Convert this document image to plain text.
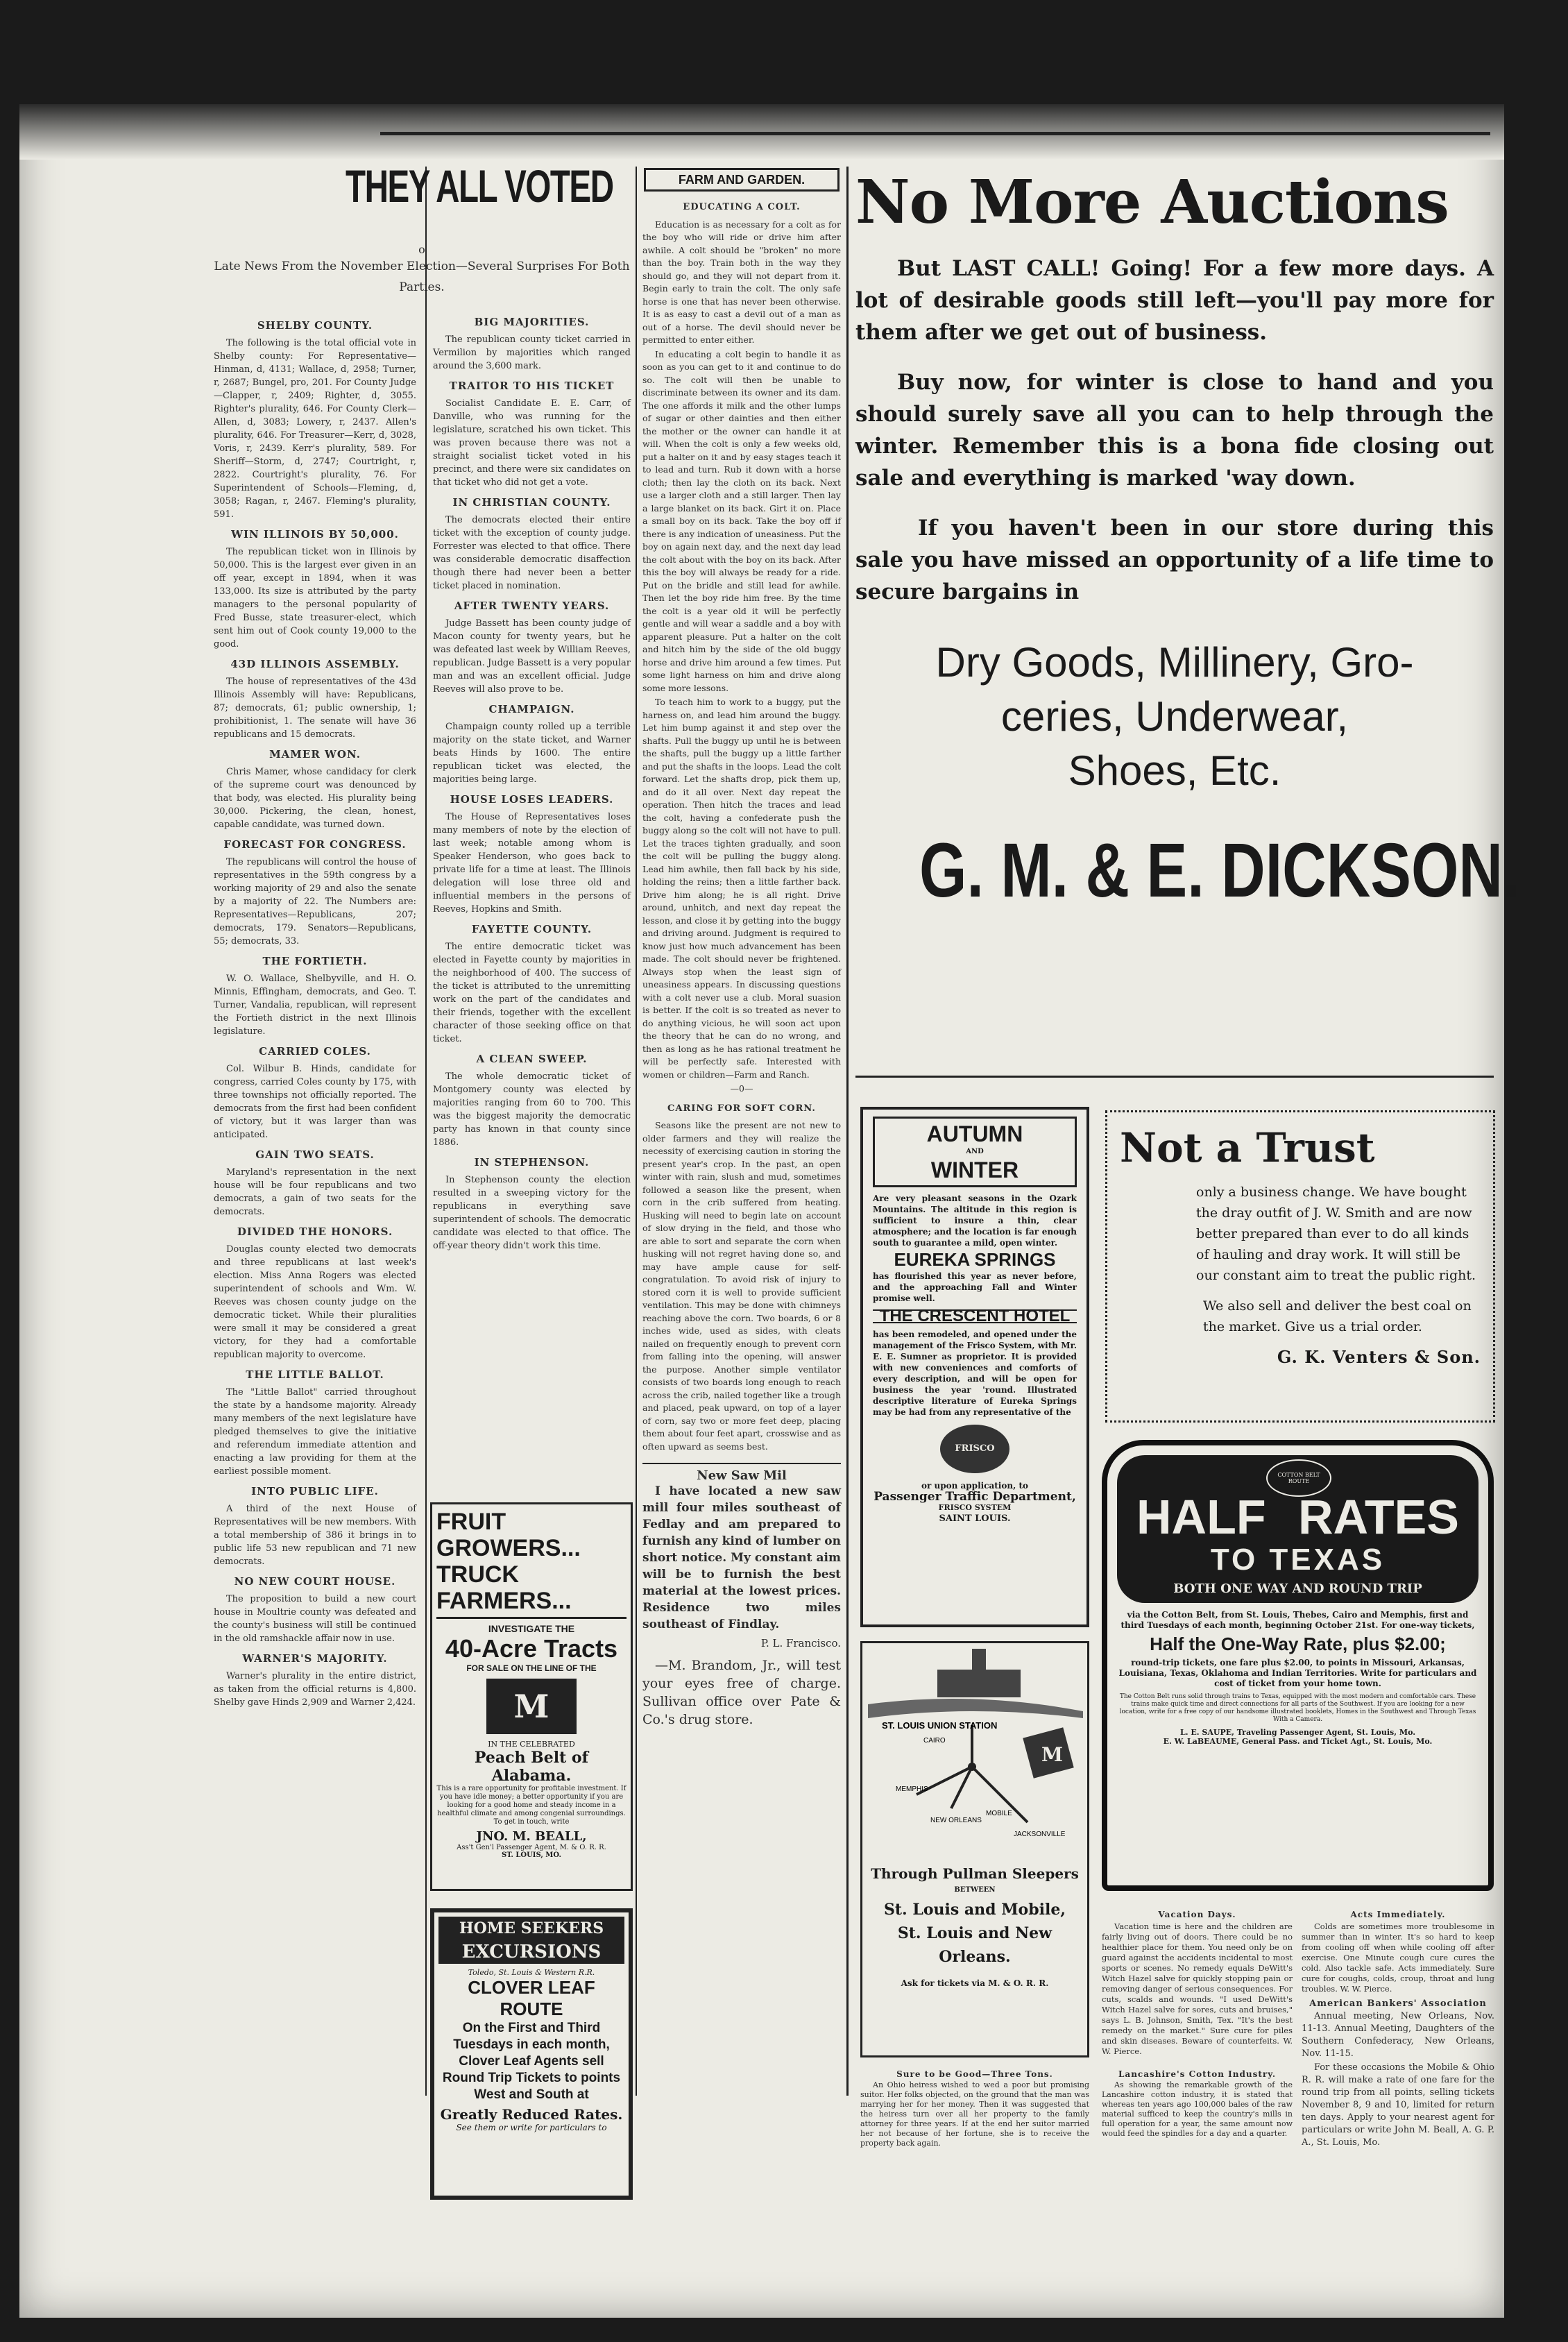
THEY ALL VOTED
o
Late News From the November Election—Several Surprises For Both Parties.
SHELBY COUNTY.

The following is the total official vote in Shelby county: For Representative—Hinman, d, 4131; Wallace, d, 2958; Turner, r, 2687; Bungel, pro, 201. For County Judge—Clapper, r, 2409; Righter, d, 3055. Righter's plurality, 646. For County Clerk—Allen, d, 3083; Lowery, r, 2437. Allen's plurality, 646. For Treasurer—Kerr, d, 3028, Voris, r, 2439. Kerr's plurality, 589. For Sheriff—Storm, d, 2747; Courtright, r, 2822. Courtright's plurality, 76. For Superintendent of Schools—Fleming, d, 3058; Ragan, r, 2467. Fleming's plurality, 591.

WIN ILLINOIS BY 50,000.

The republican ticket won in Illinois by 50,000. This is the largest ever given in an off year, except in 1894, when it was 133,000. Its size is attributed by the party managers to the personal popularity of Fred Busse, state treasurer-elect, which sent him out of Cook county 19,000 to the good.

43D ILLINOIS ASSEMBLY.

The house of representatives of the 43d Illinois Assembly will have: Republicans, 87; democrats, 61; public ownership, 1; prohibitionist, 1. The senate will have 36 republicans and 15 democrats.

MAMER WON.

Chris Mamer, whose candidacy for clerk of the supreme court was denounced by that body, was elected. His plurality being 30,000. Pickering, the clean, honest, capable candidate, was turned down.

FORECAST FOR CONGRESS.

The republicans will control the house of representatives in the 59th congress by a working majority of 29 and also the senate by a majority of 22. The Numbers are: Representatives—Republicans, 207; democrats, 179. Senators—Republicans, 55; democrats, 33.

THE FORTIETH.

W. O. Wallace, Shelbyville, and H. O. Minnis, Effingham, democrats, and Geo. T. Turner, Vandalia, republican, will represent the Fortieth district in the next Illinois legislature.

CARRIED COLES.

Col. Wilbur B. Hinds, candidate for congress, carried Coles county by 175, with three townships not officially reported. The democrats from the first had been confident of victory, but it was larger than was anticipated.

GAIN TWO SEATS.

Maryland's representation in the next house will be four republicans and two democrats, a gain of two seats for the democrats.

DIVIDED THE HONORS.

Douglas county elected two democrats and three republicans at last week's election. Miss Anna Rogers was elected superintendent of schools and Wm. W. Reeves was chosen county judge on the democratic ticket. While their pluralities were small it may be considered a great victory, for they had a comfortable republican majority to overcome.

THE LITTLE BALLOT.

The "Little Ballot" carried throughout the state by a handsome majority. Already many members of the next legislature have pledged themselves to give the initiative and referendum immediate attention and enacting a law providing for them at the earliest possible moment.

INTO PUBLIC LIFE.

A third of the next House of Representatives will be new members. With a total membership of 386 it brings in to public life 53 new republican and 71 new democrats.

NO NEW COURT HOUSE.

The proposition to build a new court house in Moultrie county was defeated and the county's business will still be continued in the old ramshackle affair now in use.

WARNER'S MAJORITY.

Warner's plurality in the entire district, as taken from the official returns is 4,800. Shelby gave Hinds 2,909 and Warner 2,424.

BIG MAJORITIES.

The republican county ticket carried in Vermilion by majorities which ranged around the 3,600 mark.

TRAITOR TO HIS TICKET

Socialist Candidate E. E. Carr, of Danville, who was running for the legislature, scratched his own ticket. This was proven because there was not a straight socialist ticket voted in his precinct, and there were six candidates on that ticket who did not get a vote.

IN CHRISTIAN COUNTY.

The democrats elected their entire ticket with the exception of county judge. Forrester was elected to that office. There was considerable democratic disaffection though there had never been a better ticket placed in nomination.

AFTER TWENTY YEARS.

Judge Bassett has been county judge of Macon county for twenty years, but he was defeated last week by William Reeves, republican. Judge Bassett is a very popular man and was an excellent official. Judge Reeves will also prove to be.

CHAMPAIGN.

Champaign county rolled up a terrible majority on the state ticket, and Warner beats Hinds by 1600. The entire republican ticket was elected, the majorities being large.

HOUSE LOSES LEADERS.

The House of Representatives loses many members of note by the election of last week; notable among whom is Speaker Henderson, who goes back to private life for a time at least. The Illinois delegation will lose three old and influential members in the persons of Reeves, Hopkins and Smith.

FAYETTE COUNTY.

The entire democratic ticket was elected in Fayette county by majorities in the neighborhood of 400. The success of the ticket is attributed to the unremitting work on the part of the candidates and their friends, together with the excellent character of those seeking office on that ticket.

A CLEAN SWEEP.

The whole democratic ticket of Montgomery county was elected by majorities ranging from 60 to 700. This was the biggest majority the democratic party has known in that county since 1886.

IN STEPHENSON.

In Stephenson county the election resulted in a sweeping victory for the republicans in everything save superintendent of schools. The democratic candidate was elected to that office. The off-year theory didn't work this time.

FRUIT GROWERS...
TRUCK FARMERS...
INVESTIGATE THE
40-Acre Tracts
FOR SALE ON THE LINE OF THE
M
IN THE CELEBRATED
Peach Belt of Alabama.
This is a rare opportunity for profitable investment. If you have idle money; a better opportunity if you are looking for a good home and steady income in a healthful climate and among congenial surroundings. To get in touch, write
JNO. M. BEALL,
Ass't Gen'l Passenger Agent, M. & O. R. R.
ST. LOUIS, MO.
HOME SEEKERS
EXCURSIONS
Toledo, St. Louis & Western R.R.
CLOVER LEAF ROUTE
On the First and Third Tuesdays in each month, Clover Leaf Agents sell Round Trip Tickets to points West and South at
Greatly Reduced Rates.
See them or write for particulars to
FARM AND GARDEN.
EDUCATING A COLT.

Education is as necessary for a colt as for the boy who will ride or drive him after awhile. A colt should be "broken" no more than the boy. Train both in the way they should go, and they will not depart from it. Begin early to train the colt. The only safe horse is one that has never been otherwise. It is as easy to cast a devil out of a man as out of a horse. The devil should never be permitted to enter either.

In educating a colt begin to handle it as soon as you can get to it and continue to do so. The colt will then be unable to discriminate between its owner and its dam. The one affords it milk and the other lumps of sugar or other dainties and then either the mother or the owner can handle it at will. When the colt is only a few weeks old, put a halter on it and by easy stages teach it to lead and turn. Rub it down with a horse cloth; then lay the cloth on its back. Next use a larger cloth and a still larger. Then lay a large blanket on its back. Girt it on. Place a small boy on its back. Take the boy off if there is any indication of uneasiness. Put the boy on again next day, and the next day lead the colt about with the boy on its back. After this the boy will always be ready for a ride. Put on the bridle and still lead for awhile. Then let the boy ride him free. By the time the colt is a year old it will be perfectly gentle and will wear a saddle and a boy with apparent pleasure. Put a halter on the colt and hitch him by the side of the old buggy horse and drive him around a few times. Put some light harness on him and drive along some more lessons.

To teach him to work to a buggy, put the harness on, and lead him around the buggy. Let him bump against it and step over the shafts. Pull the buggy up until he is between the shafts, pull the buggy up a little farther and put the shafts in the loops. Lead the colt forward. Let the shafts drop, pick them up, and do it all over. Next day repeat the operation. Then hitch the traces and lead the colt, having a confederate push the buggy along so the colt will not have to pull. Let the traces tighten gradually, and soon the colt will be pulling the buggy along. Lead him awhile, then fall back by his side, holding the reins; then a little farther back. Drive him along; he is all right. Drive around, unhitch, and next day repeat the lesson, and close it by getting into the buggy and driving around. Judgment is required to know just how much advancement has been made. The colt should never be frightened. Always stop when the least sign of uneasiness appears. In discussing questions with a colt never use a club. Moral suasion is better. If the colt is so treated as never to do anything vicious, he will soon act upon the theory that he can do no wrong, and then as long as he has rational treatment he will be perfectly safe. Interested with women or children—Farm and Ranch.

—0—
CARING FOR SOFT CORN.

Seasons like the present are not new to older farmers and they will realize the necessity of exercising caution in storing the present year's crop. In the past, an open winter with rain, slush and mud, sometimes followed a season like the present, when corn in the crib suffered from heating. Husking will need to begin late on account of slow drying in the field, and those who are able to sort and separate the corn when husking will not regret having done so, and may have ample cause for self-congratulation. To avoid risk of injury to stored corn it is well to provide sufficient ventilation. This may be done with chimneys reaching above the corn. Two boards, 6 or 8 inches wide, used as sides, with cleats nailed on frequently enough to prevent corn from falling into the opening, will answer the purpose. Another simple ventilator consists of two boards long enough to reach across the crib, nailed together like a trough and placed, peak upward, on top of a layer of corn, say two or more feet deep, placing them about four feet apart, crosswise and as often upward as seems best.

New Saw Mil

I have located a new saw mill four miles southeast of Fedlay and am prepared to furnish any kind of lumber on short notice. My constant aim will be to furnish the best material at the lowest prices. Residence two miles southeast of Findlay.

P. L. Francisco.

—M. Brandom, Jr., will test your eyes free of charge. Sullivan office over Pate & Co.'s drug store.

No More Auctions

But LAST CALL! Going! For a few more days. A lot of desirable goods still left—you'll pay more for them after we get out of business.

Buy now, for winter is close to hand and you should surely save all you can to help through the winter. Remember this is a bona fide closing out sale and everything is marked 'way down.

If you haven't been in our store during this sale you have missed an opportunity of a life time to secure bargains in

Dry Goods, Millinery, Gro-
ceries, Underwear,
Shoes, Etc.
G. M. & E. DICKSON.
AUTUMN
AND
WINTER
Are very pleasant seasons in the Ozark Mountains. The altitude in this region is sufficient to insure a thin, clear atmosphere; and the location is far enough south to guarantee a mild, open winter.
EUREKA SPRINGS
has flourished this year as never before, and the approaching Fall and Winter promise well.
THE CRESCENT HOTEL
has been remodeled, and opened under the management of the Frisco System, with Mr. E. E. Sumner as proprietor. It is provided with new conveniences and comforts of every description, and will be open for business the year 'round. Illustrated descriptive literature of Eureka Springs may be had from any representative of the
FRISCO
or upon application, to
Passenger Traffic Department,
FRISCO SYSTEM
SAINT LOUIS.
Not a Trust

only a business change. We have bought the dray outfit of J. W. Smith and are now better prepared than ever to do all kinds of hauling and dray work. It will still be our constant aim to treat the public right.

We also sell and deliver the best coal on the market. Give us a trial order.

G. K. Venters & Son.
M
ST. LOUIS UNION STATION
CAIRO
MEMPHIS
MOBILE
NEW ORLEANS
JACKSONVILLE
Through Pullman Sleepers
BETWEEN
St. Louis and Mobile,
St. Louis and New Orleans.
Ask for tickets via M. & O. R. R.
COTTON BELT ROUTE
HALF RATES
TO TEXAS
BOTH ONE WAY AND ROUND TRIP
via the Cotton Belt, from St. Louis, Thebes, Cairo and Memphis, first and third Tuesdays of each month, beginning October 21st. For one-way tickets,
Half the One-Way Rate, plus $2.00;
round-trip tickets, one fare plus $2.00, to points in Missouri, Arkansas, Louisiana, Texas, Oklahoma and Indian Territories. Write for particulars and cost of ticket from your home town.
The Cotton Belt runs solid through trains to Texas, equipped with the most modern and comfortable cars. These trains make quick time and direct connections for all parts of the Southwest. If you are looking for a new location, write for a free copy of our handsome illustrated booklets, Homes in the Southwest and Through Texas With a Camera.
L. E. SAUPE, Traveling Passenger Agent, St. Louis, Mo.
E. W. LaBEAUME, General Pass. and Ticket Agt., St. Louis, Mo.
Vacation Days.

Vacation time is here and the children are fairly living out of doors. There could be no healthier place for them. You need only be on guard against the accidents incidental to most sports or scenes. No remedy equals DeWitt's Witch Hazel salve for quickly stopping pain or removing danger of serious consequences. For cuts, scalds and wounds. "I used DeWitt's Witch Hazel salve for sores, cuts and bruises," says L. B. Johnson, Smith, Tex. "It's the best remedy on the market." Sure cure for piles and skin diseases. Beware of counterfeits. W. W. Pierce.

Acts Immediately.

Colds are sometimes more troublesome in summer than in winter. It's so hard to keep from cooling off when while cooling off after exercise. One Minute cough cure cures the cold. Also tackle safe. Acts immediately. Sure cure for coughs, colds, croup, throat and lung troubles. W. W. Pierce.

American Bankers' Association

Annual meeting, New Orleans, Nov. 11-13. Annual Meeting, Daughters of the Southern Confederacy, New Orleans, Nov. 11-15.

For these occasions the Mobile & Ohio R. R. will make a rate of one fare for the round trip from all points, selling tickets November 8, 9 and 10, limited for return ten days. Apply to your nearest agent for particulars or write John M. Beall, A. G. P. A., St. Louis, Mo.

Sure to be Good—Three Tons.

An Ohio heiress wished to wed a poor but promising suitor. Her folks objected, on the ground that the man was marrying her for her money. Then it was suggested that the heiress turn over all her property to the family attorney for three years. If at the end her suitor married her not because of her fortune, she is to receive the property back again.

Lancashire's Cotton Industry.

As showing the remarkable growth of the Lancashire cotton industry, it is stated that whereas ten years ago 100,000 bales of the raw material sufficed to keep the country's mills in full operation for a year, the same amount now would feed the spindles for a day and a quarter.
